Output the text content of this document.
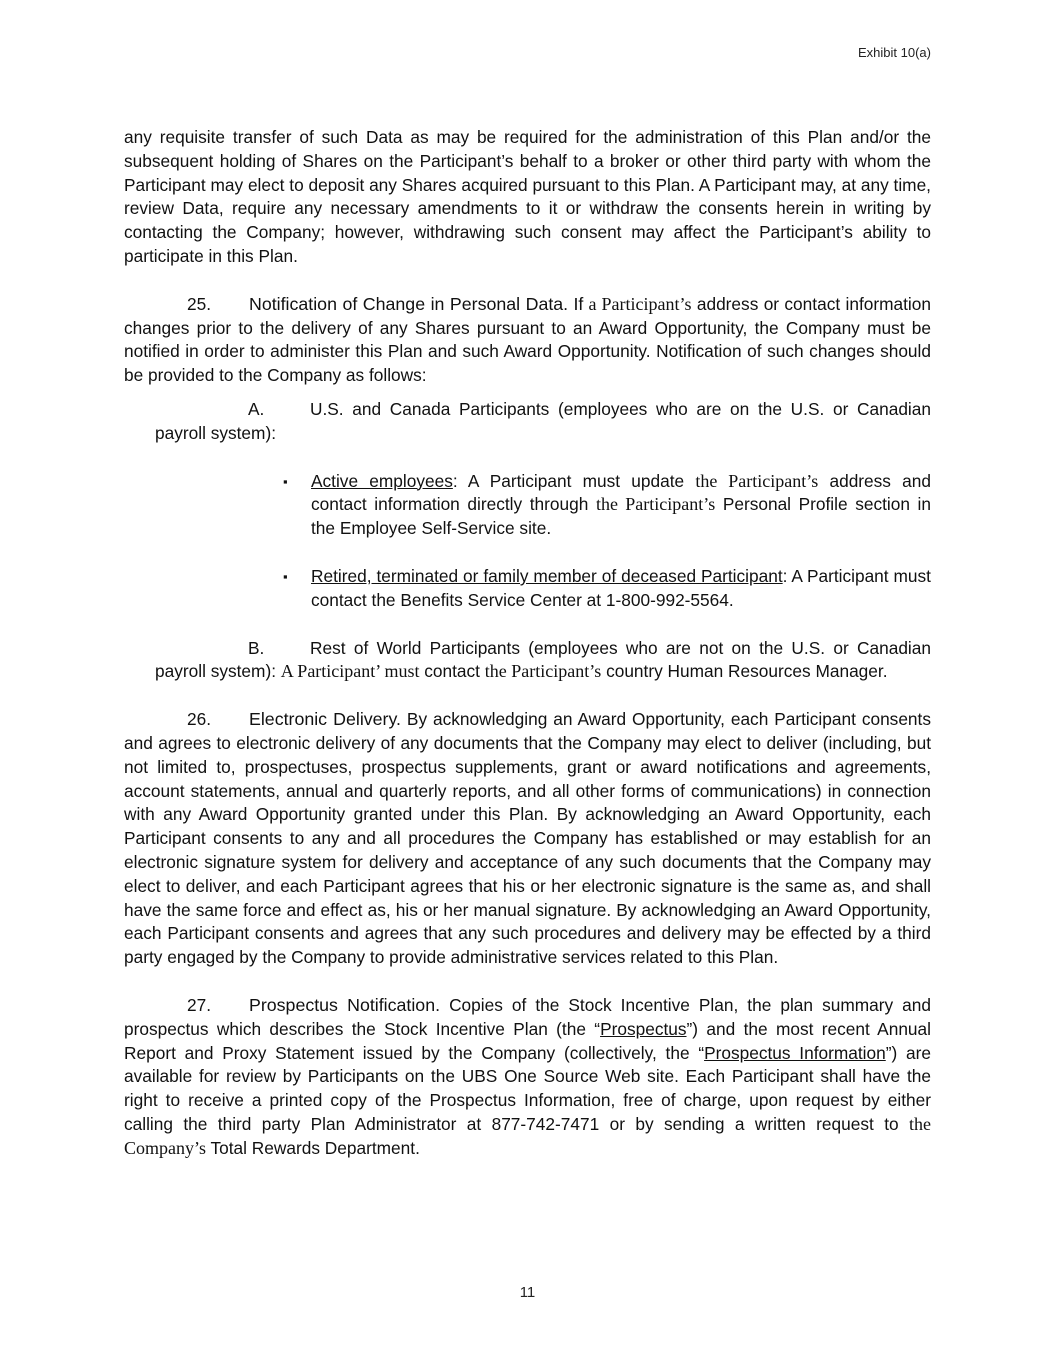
Exhibit 10(a)

any requisite transfer of such Data as may be required for the administration of this Plan and/or the subsequent holding of Shares on the Participant’s behalf to a broker or other third party with whom the Participant may elect to deposit any Shares acquired pursuant to this Plan. A Participant may, at any time, review Data, require any necessary amendments to it or withdraw the consents herein in writing by contacting the Company; however, withdrawing such consent may affect the Participant’s ability to participate in this Plan.

25. Notification of Change in Personal Data. If a Participant’s address or contact information changes prior to the delivery of any Shares pursuant to an Award Opportunity, the Company must be notified in order to administer this Plan and such Award Opportunity. Notification of such changes should be provided to the Company as follows:

A.	U.S. and Canada Participants (employees who are on the U.S. or Canadian payroll system):

▪ Active employees: A Participant must update the Participant’s address and contact information directly through the Participant’s Personal Profile section in the Employee Self-Service site.
▪ Retired, terminated or family member of deceased Participant: A Participant must contact the Benefits Service Center at 1-800-992-5564.

B.	Rest of World Participants (employees who are not on the U.S. or Canadian payroll system): A Participant’ must contact the Participant’s country Human Resources Manager.

26. Electronic Delivery. By acknowledging an Award Opportunity, each Participant consents and agrees to electronic delivery of any documents that the Company may elect to deliver (including, but not limited to, prospectuses, prospectus supplements, grant or award notifications and agreements, account statements, annual and quarterly reports, and all other forms of communications) in connection with any Award Opportunity granted under this Plan. By acknowledging an Award Opportunity, each Participant consents to any and all procedures the Company has established or may establish for an electronic signature system for delivery and acceptance of any such documents that the Company may elect to deliver, and each Participant agrees that his or her electronic signature is the same as, and shall have the same force and effect as, his or her manual signature. By acknowledging an Award Opportunity, each Participant consents and agrees that any such procedures and delivery may be effected by a third party engaged by the Company to provide administrative services related to this Plan.

27. Prospectus Notification. Copies of the Stock Incentive Plan, the plan summary and prospectus which describes the Stock Incentive Plan (the “Prospectus”) and the most recent Annual Report and Proxy Statement issued by the Company (collectively, the “Prospectus Information”) are available for review by Participants on the UBS One Source Web site. Each Participant shall have the right to receive a printed copy of the Prospectus Information, free of charge, upon request by either calling the third party Plan Administrator at 877-742-7471 or by sending a written request to the Company’s Total Rewards Department.

11
